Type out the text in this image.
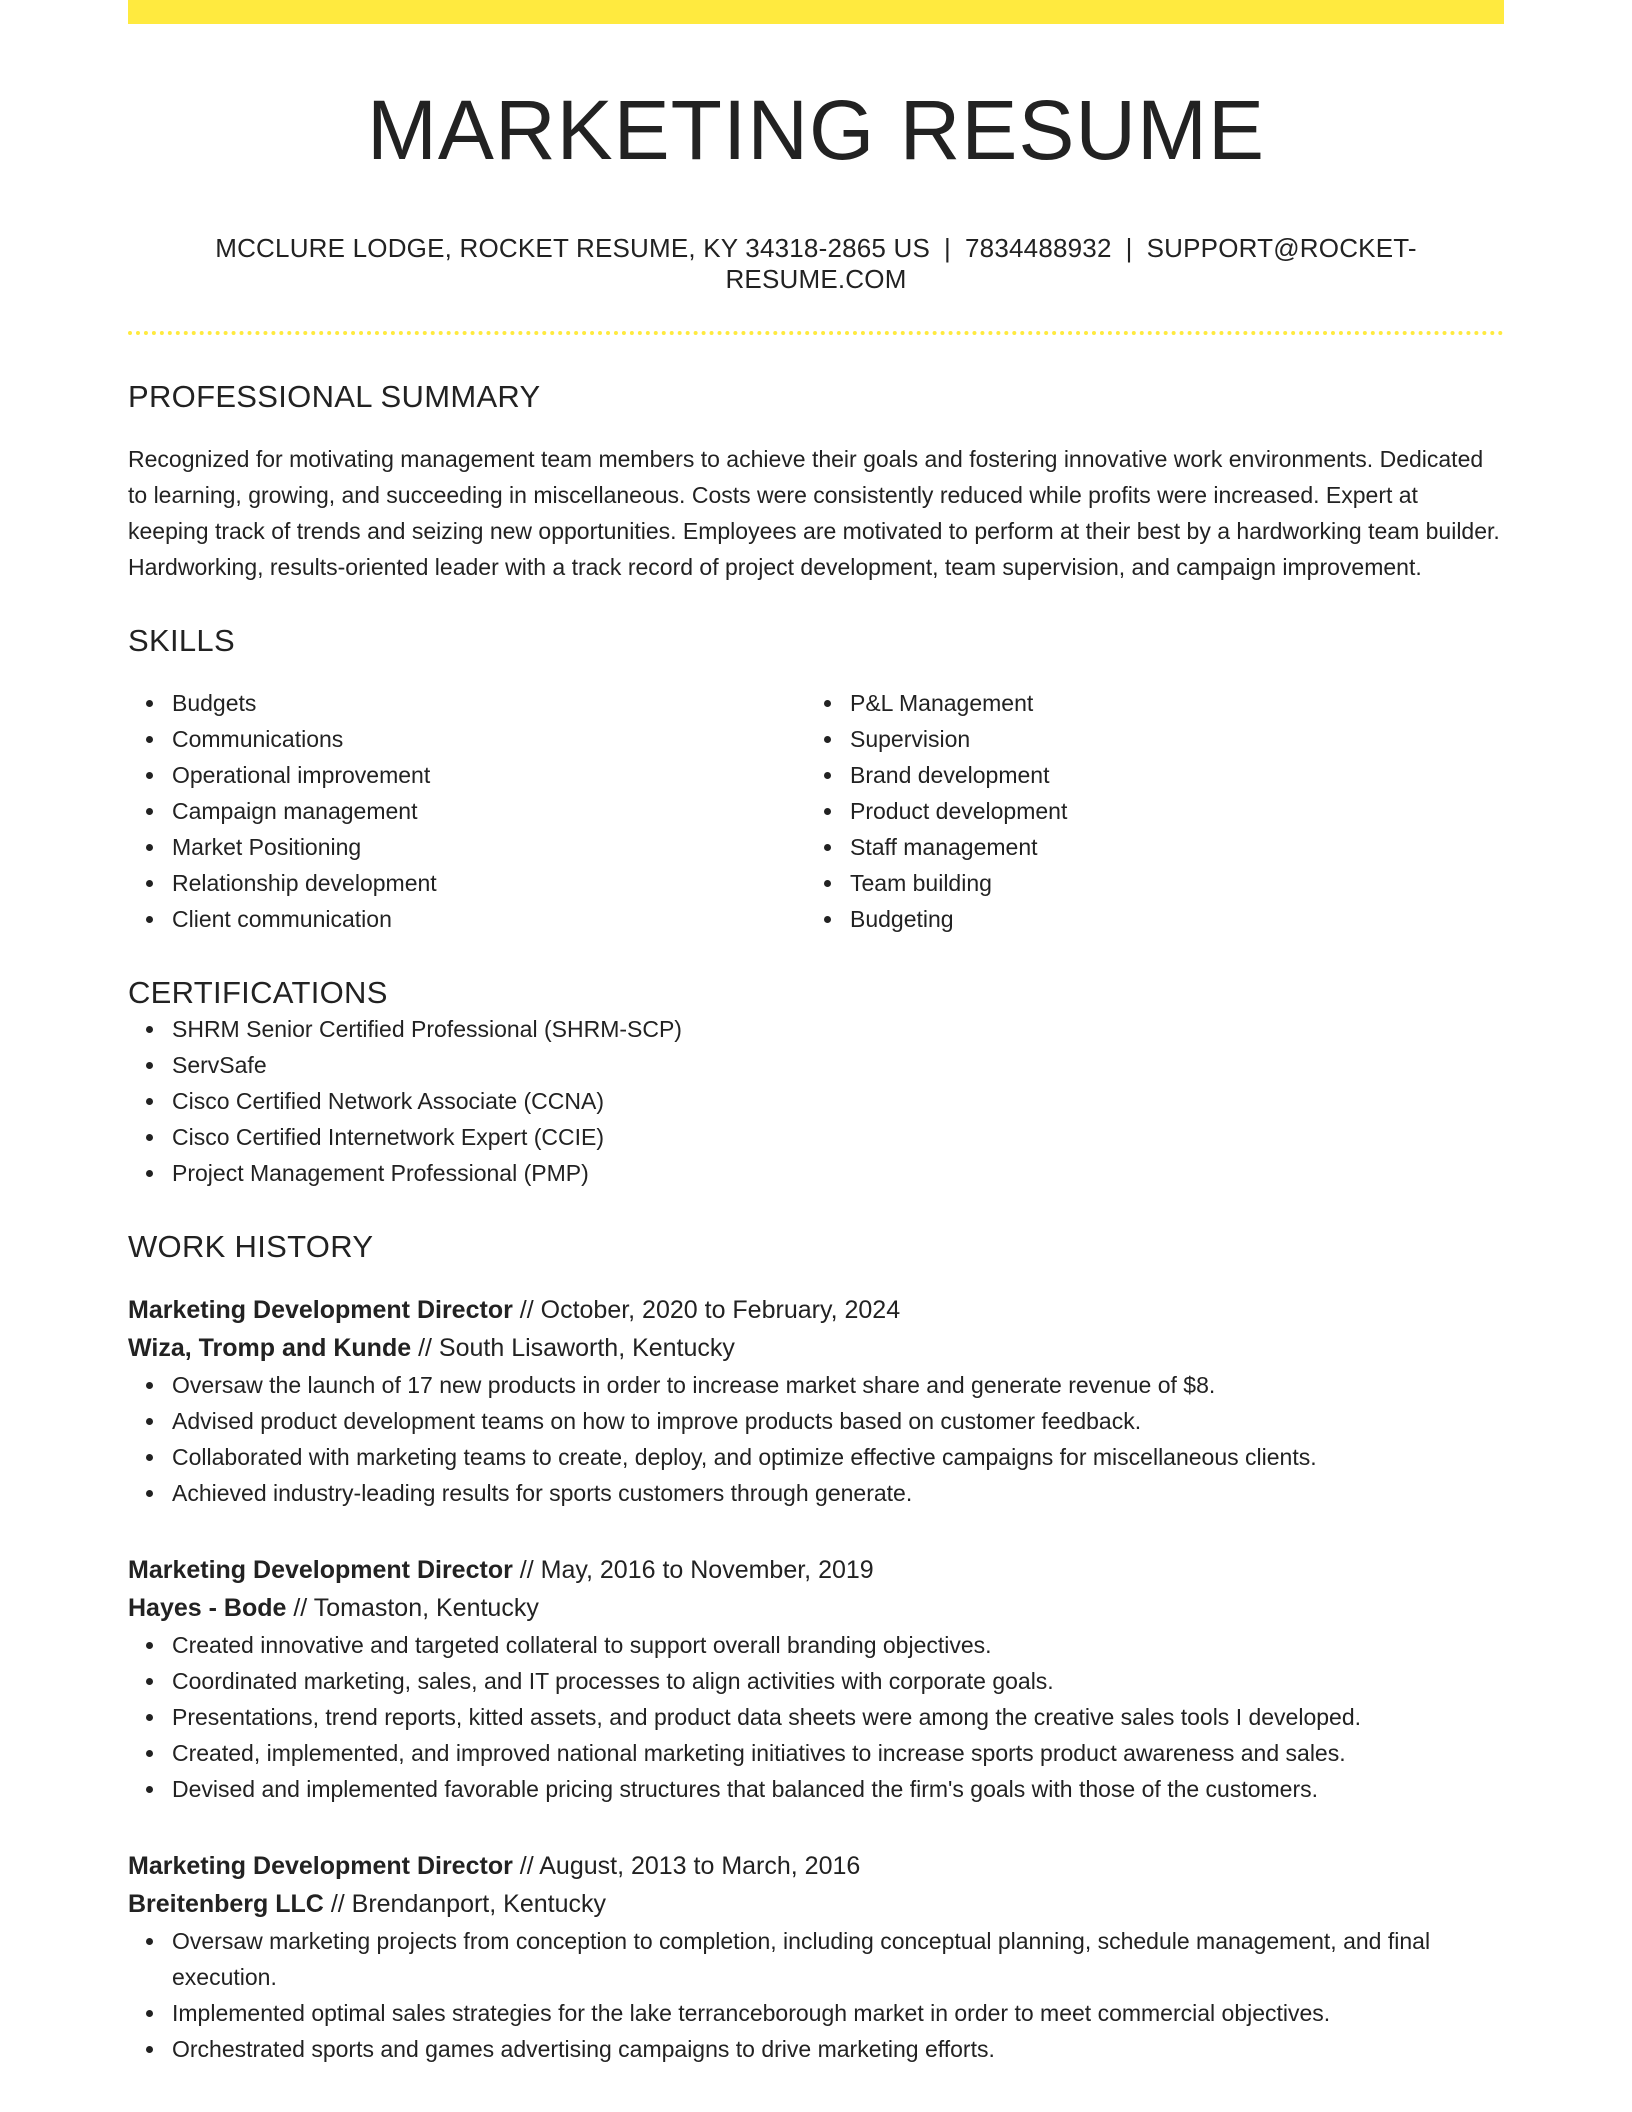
MARKETING RESUME
MCCLURE LODGE, ROCKET RESUME, KY 34318-2865 US | 7834488932 | SUPPORT@ROCKET-RESUME.COM
PROFESSIONAL SUMMARY

Recognized for motivating management team members to achieve their goals and fostering innovative work environments. Dedicated to learning, growing, and succeeding in miscellaneous. Costs were consistently reduced while profits were increased. Expert at keeping track of trends and seizing new opportunities. Employees are motivated to perform at their best by a hardworking team builder. Hardworking, results-oriented leader with a track record of project development, team supervision, and campaign improvement.

SKILLS
Budgets
Communications
Operational improvement
Campaign management
Market Positioning
Relationship development
Client communication
P&L Management
Supervision
Brand development
Product development
Staff management
Team building
Budgeting
CERTIFICATIONS
SHRM Senior Certified Professional (SHRM-SCP)
ServSafe
Cisco Certified Network Associate (CCNA)
Cisco Certified Internetwork Expert (CCIE)
Project Management Professional (PMP)
WORK HISTORY
Marketing Development Director // October, 2020 to February, 2024
Wiza, Tromp and Kunde // South Lisaworth, Kentucky
Oversaw the launch of 17 new products in order to increase market share and generate revenue of $8.
Advised product development teams on how to improve products based on customer feedback.
Collaborated with marketing teams to create, deploy, and optimize effective campaigns for miscellaneous clients.
Achieved industry-leading results for sports customers through generate.
Marketing Development Director // May, 2016 to November, 2019
Hayes - Bode // Tomaston, Kentucky
Created innovative and targeted collateral to support overall branding objectives.
Coordinated marketing, sales, and IT processes to align activities with corporate goals.
Presentations, trend reports, kitted assets, and product data sheets were among the creative sales tools I developed.
Created, implemented, and improved national marketing initiatives to increase sports product awareness and sales.
Devised and implemented favorable pricing structures that balanced the firm's goals with those of the customers.
Marketing Development Director // August, 2013 to March, 2016
Breitenberg LLC // Brendanport, Kentucky
Oversaw marketing projects from conception to completion, including conceptual planning, schedule management, and final execution.
Implemented optimal sales strategies for the lake terranceborough market in order to meet commercial objectives.
Orchestrated sports and games advertising campaigns to drive marketing efforts.
